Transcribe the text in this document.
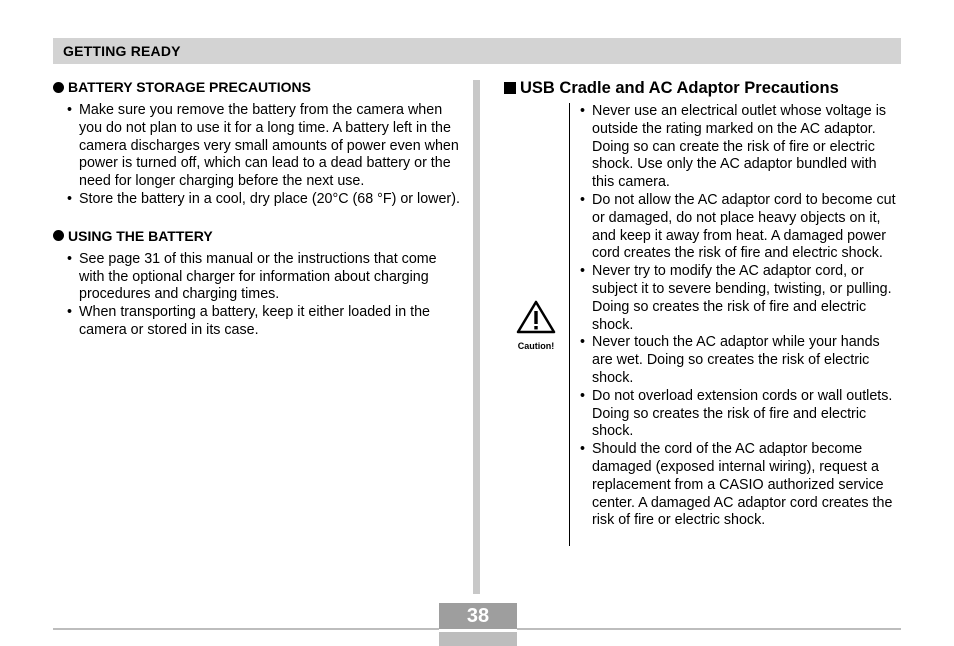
GETTING READY
BATTERY STORAGE PRECAUTIONS
• Make sure you remove the battery from the camera when you do not plan to use it for a long time. A battery left in the camera discharges very small amounts of power even when power is turned off, which can lead to a dead battery or the need for longer charging before the next use.
• Store the battery in a cool, dry place (20°C (68 °F) or lower).
USING THE BATTERY
• See page 31 of this manual or the instructions that come with the optional charger for information about charging procedures and charging times.
• When transporting a battery, keep it either loaded in the camera or stored in its case.
USB Cradle and AC Adaptor Precautions
Caution!
• Never use an electrical outlet whose voltage is outside the rating marked on the AC adaptor. Doing so can create the risk of fire or electric shock. Use only the AC adaptor bundled with this camera.
• Do not allow the AC adaptor cord to become cut or damaged, do not place heavy objects on it, and keep it away from heat. A damaged power cord creates the risk of fire and electric shock.
• Never try to modify the AC adaptor cord, or subject it to severe bending, twisting, or pulling. Doing so creates the risk of fire and electric shock.
• Never touch the AC adaptor while your hands are wet. Doing so creates the risk of electric shock.
• Do not overload extension cords or wall outlets. Doing so creates the risk of fire and electric shock.
• Should the cord of the AC adaptor become damaged (exposed internal wiring), request a replacement from a CASIO authorized service center. A damaged AC adaptor cord creates the risk of fire or electric shock.
38
